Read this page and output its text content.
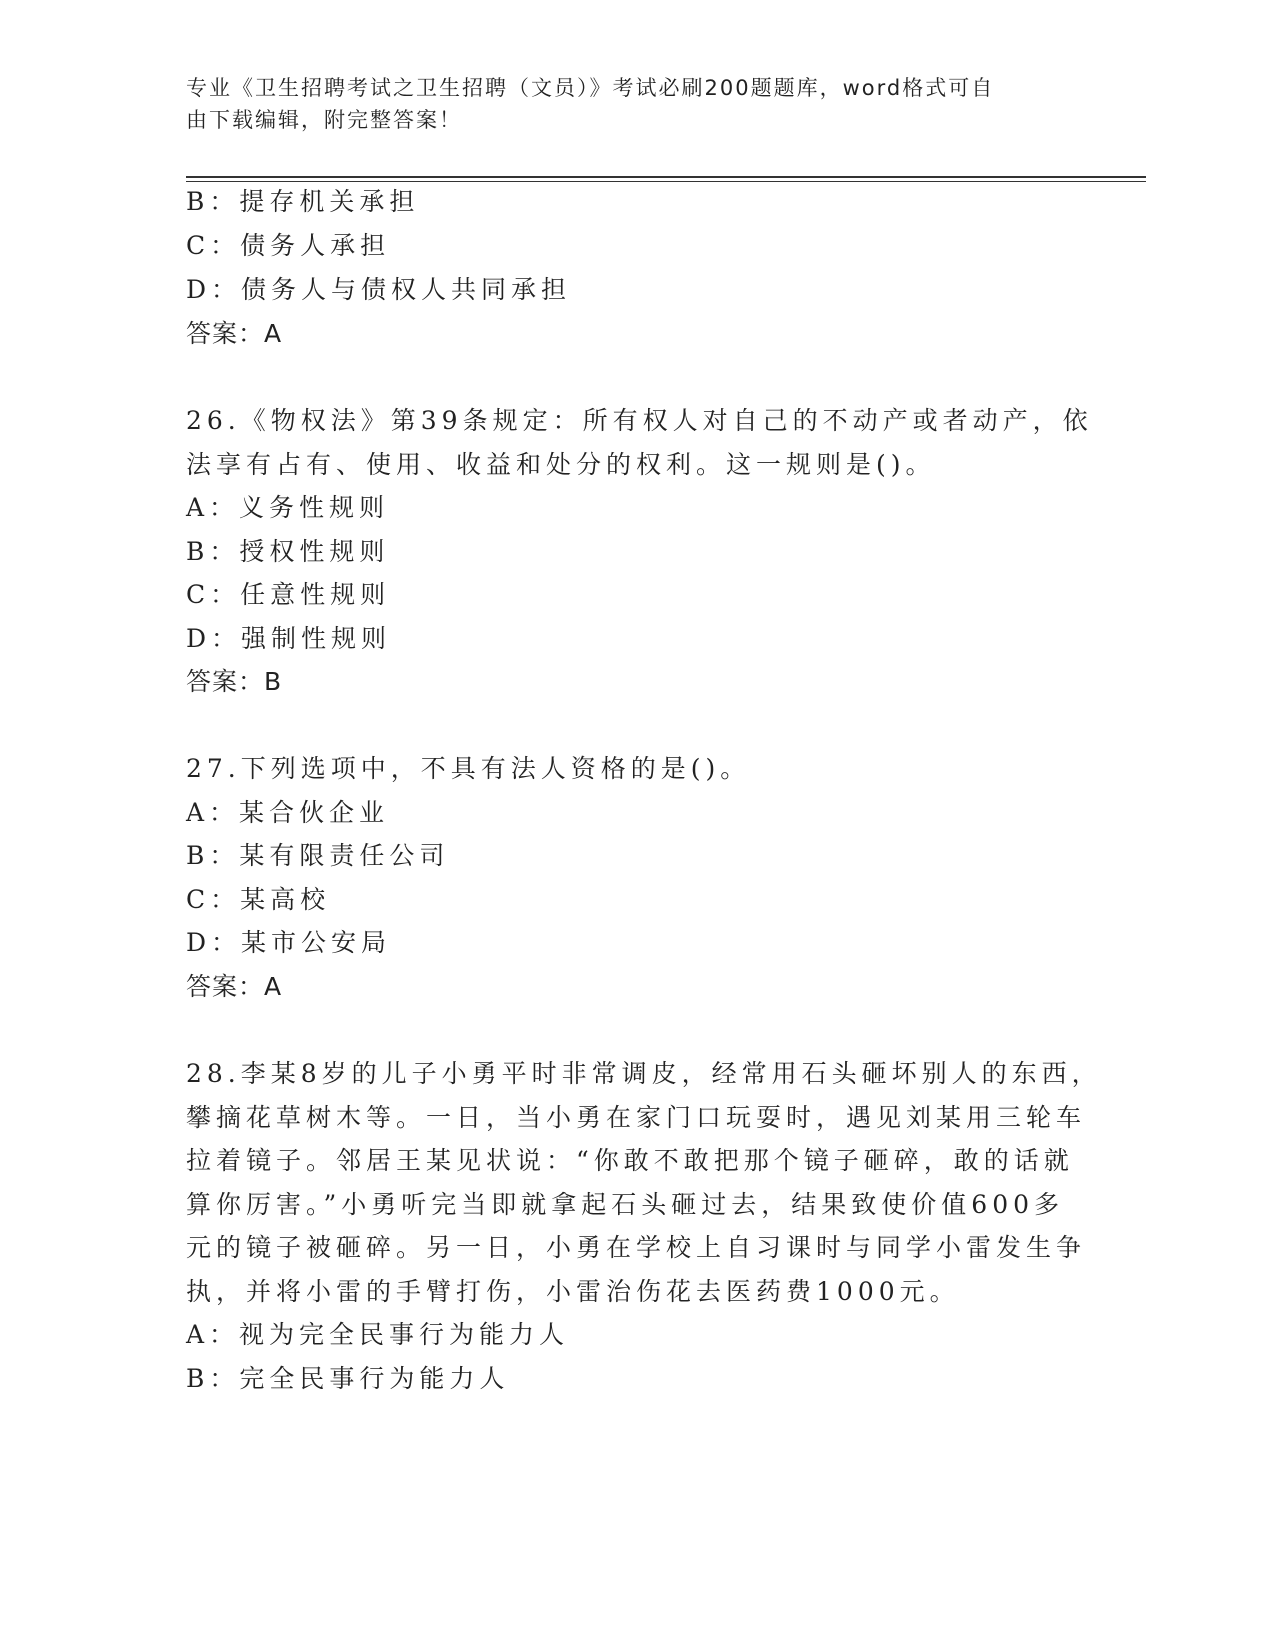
专业《卫生招聘考试之卫生招聘（文员）》考试必刷200题题库，word格式可自
由下载编辑，附完整答案！
B：提存机关承担
C：债务人承担
D：债务人与债权人共同承担
答案：A
26.《物权法》第39条规定：所有权人对自己的不动产或者动产，依
法享有占有、使用、收益和处分的权利。这一规则是()。
A：义务性规则
B：授权性规则
C：任意性规则
D：强制性规则
答案：B
27.下列选项中，不具有法人资格的是()。
A：某合伙企业
B：某有限责任公司
C：某高校
D：某市公安局
答案：A
28.李某8岁的儿子小勇平时非常调皮，经常用石头砸坏别人的东西，
攀摘花草树木等。一日，当小勇在家门口玩耍时，遇见刘某用三轮车
拉着镜子。邻居王某见状说：“你敢不敢把那个镜子砸碎，敢的话就
算你厉害。”小勇听完当即就拿起石头砸过去，结果致使价值600多
元的镜子被砸碎。另一日，小勇在学校上自习课时与同学小雷发生争
执，并将小雷的手臂打伤，小雷治伤花去医药费1000元。
A：视为完全民事行为能力人
B：完全民事行为能力人
